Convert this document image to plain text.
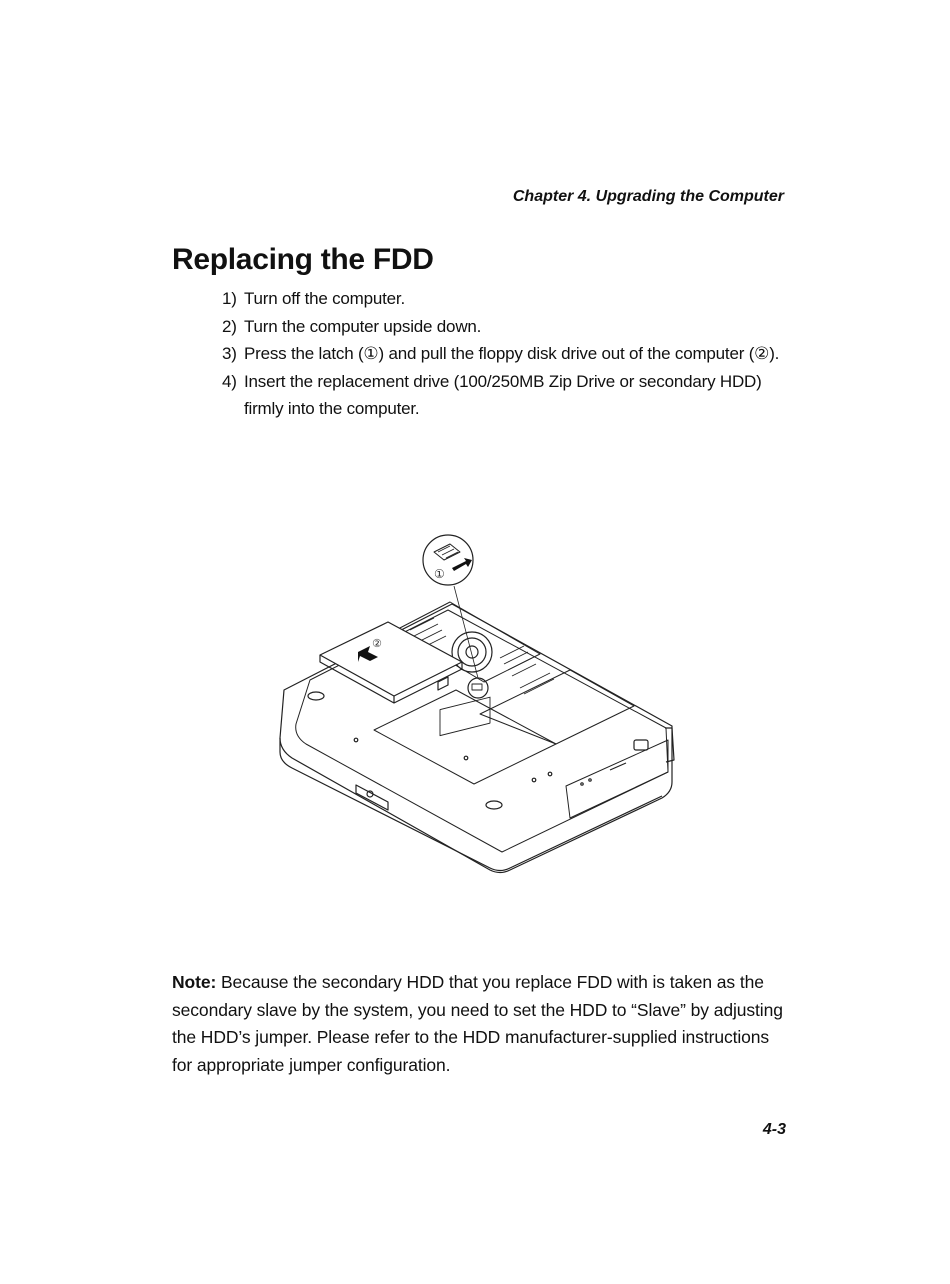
Chapter 4. Upgrading the Computer
Replacing the FDD
1) Turn off the computer.
2) Turn the computer upside down.
3) Press the latch (①) and pull the floppy disk drive out of the computer (②).
4) Insert the replacement drive (100/250MB Zip Drive or secondary HDD) firmly into the computer.
②
①

Note: Because the secondary HDD that you replace FDD with is taken as the secondary slave by the system, you need to set the HDD to “Slave” by adjusting the HDD’s jumper. Please refer to the HDD manufacturer-supplied instructions for appropriate jumper configuration.

4-3
